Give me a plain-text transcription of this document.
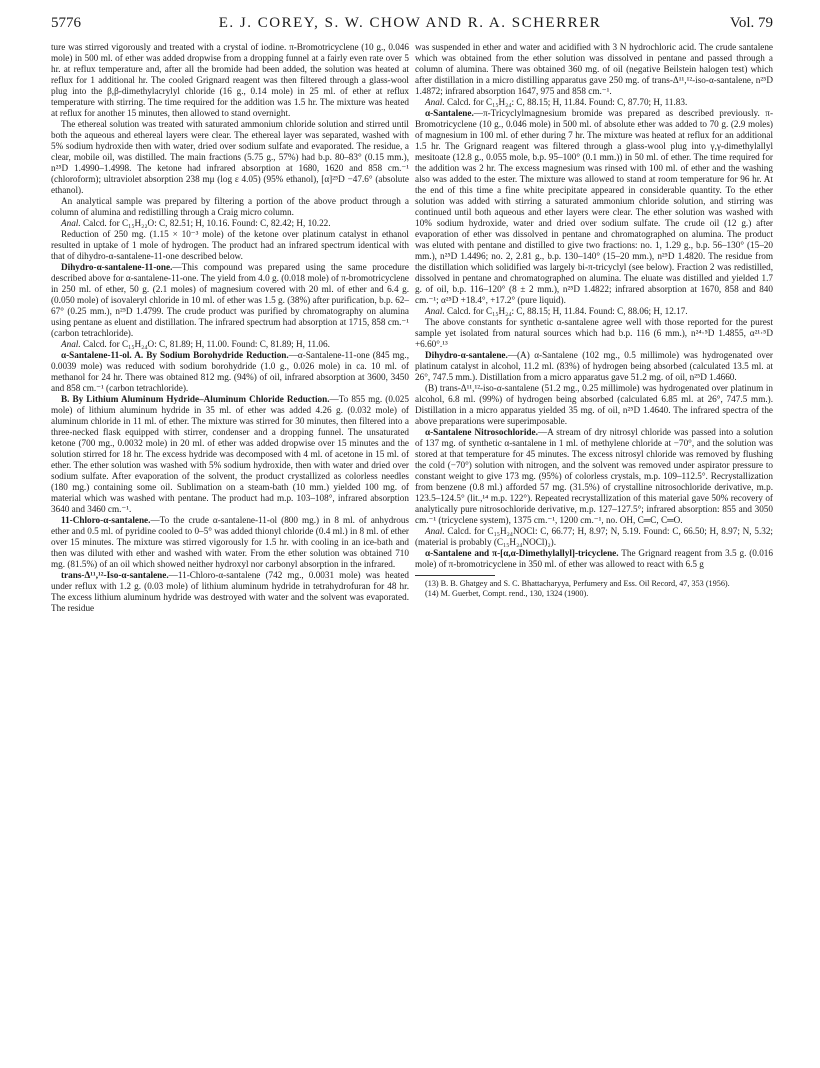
5776	E. J. COREY, S. W. CHOW AND R. A. SCHERRER	Vol. 79

ture was stirred vigorously and treated with a crystal of iodine. π-Bromotricyclene (10 g., 0.046 mole) in 500 ml. of ether was added dropwise from a dropping funnel at a fairly even rate over 5 hr. at reflux temperature and, after all the bromide had been added, the solution was heated at reflux for 1 additional hr. The cooled Grignard reagent was then filtered through a glass-wool plug into the β,β-dimethylacrylyl chloride (16 g., 0.14 mole) in 25 ml. of ether at reflux temperature with stirring. The time required for the addition was 1.5 hr. The mixture was heated at reflux for another 15 minutes, then allowed to stand overnight.

The ethereal solution was treated with saturated ammonium chloride solution and stirred until both the aqueous and ethereal layers were clear. The ethereal layer was separated, washed with 5% sodium hydroxide then with water, dried over sodium sulfate and evaporated. The residue, a clear, mobile oil, was distilled. The main fractions (5.75 g., 57%) had b.p. 80–83° (0.15 mm.), n²⁵D 1.4990–1.4998. The ketone had infrared absorption at 1680, 1620 and 858 cm.⁻¹ (chloroform); ultraviolet absorption 238 mμ (log ε 4.05) (95% ethanol), [α]²⁵D −47.6° (absolute ethanol).

An analytical sample was prepared by filtering a portion of the above product through a column of alumina and redistilling through a Craig micro column.

Anal. Calcd. for C₁₅H₂₂O: C, 82.51; H, 10.16. Found: C, 82.42; H, 10.22.

Reduction of 250 mg. (1.15 × 10⁻³ mole) of the ketone over platinum catalyst in ethanol resulted in uptake of 1 mole of hydrogen. The product had an infrared spectrum identical with that of dihydro-α-santalene-11-one described below.

Dihydro-α-santalene-11-one.—This compound was prepared using the same procedure described above for α-santalene-11-one. The yield from 4.0 g. (0.018 mole) of π-bromotricyclene in 250 ml. of ether, 50 g. (2.1 moles) of magnesium covered with 20 ml. of ether and 6.4 g. (0.050 mole) of isovaleryl chloride in 10 ml. of ether was 1.5 g. (38%) after purification, b.p. 62–67° (0.25 mm.), n²⁵D 1.4799. The crude product was purified by chromatography on alumina using pentane as eluent and distillation. The infrared spectrum had absorption at 1715, 858 cm.⁻¹ (carbon tetrachloride).

Anal. Calcd. for C₁₅H₂₄O: C, 81.89; H, 11.00. Found: C, 81.89; H, 11.06.

α-Santalene-11-ol. A. By Sodium Borohydride Reduction.—α-Santalene-11-one (845 mg., 0.0039 mole) was reduced with sodium borohydride (1.0 g., 0.026 mole) in ca. 10 ml. of methanol for 24 hr. There was obtained 812 mg. (94%) of oil, infrared absorption at 3600, 3450 and 858 cm.⁻¹ (carbon tetrachloride).

B. By Lithium Aluminum Hydride–Aluminum Chloride Reduction.—To 855 mg. (0.025 mole) of lithium aluminum hydride in 35 ml. of ether was added 4.26 g. (0.032 mole) of aluminum chloride in 11 ml. of ether. The mixture was stirred for 30 minutes, then filtered into a three-necked flask equipped with stirrer, condenser and a dropping funnel. The unsaturated ketone (700 mg., 0.0032 mole) in 20 ml. of ether was added dropwise over 15 minutes and the solution stirred for 18 hr. The excess hydride was decomposed with 4 ml. of acetone in 15 ml. of ether. The ether solution was washed with 5% sodium hydroxide, then with water and dried over sodium sulfate. After evaporation of the solvent, the product crystallized as colorless needles (180 mg.) containing some oil. Sublimation on a steam-bath (10 mm.) yielded 100 mg. of material which was washed with pentane. The product had m.p. 103–108°, infrared absorption 3640 and 3460 cm.⁻¹.

11-Chloro-α-santalene.—To the crude α-santalene-11-ol (800 mg.) in 8 ml. of anhydrous ether and 0.5 ml. of pyridine cooled to 0–5° was added thionyl chloride (0.4 ml.) in 8 ml. of ether over 15 minutes. The mixture was stirred vigorously for 1.5 hr. with cooling in an ice-bath and then was diluted with ether and washed with water. From the ether solution was obtained 710 mg. (81.5%) of an oil which showed neither hydroxyl nor carbonyl absorption in the infrared.

trans-Δ¹¹,¹²-Iso-α-santalene.—11-Chloro-α-santalene (742 mg., 0.0031 mole) was heated under reflux with 1.2 g. (0.03 mole) of lithium aluminum hydride in tetrahydrofuran for 48 hr. The excess lithium aluminum hydride was destroyed with water and the solvent was evaporated. The residue

was suspended in ether and water and acidified with 3 N hydrochloric acid. The crude santalene which was obtained from the ether solution was dissolved in pentane and passed through a column of alumina. There was obtained 360 mg. of oil (negative Beilstein halogen test) which after distillation in a micro distilling apparatus gave 250 mg. of trans-Δ¹¹,¹²-iso-α-santalene, n²⁵D 1.4872; infrared absorption 1647, 975 and 858 cm.⁻¹.

Anal. Calcd. for C₁₅H₂₄: C, 88.15; H, 11.84. Found: C, 87.70; H, 11.83.

α-Santalene.—π-Tricyclylmagnesium bromide was prepared as described previously. π-Bromotricyclene (10 g., 0.046 mole) in 500 ml. of absolute ether was added to 70 g. (2.9 moles) of magnesium in 100 ml. of ether during 7 hr. The mixture was heated at reflux for an additional 1.5 hr. The Grignard reagent was filtered through a glass-wool plug into γ,γ-dimethylallyl mesitoate (12.8 g., 0.055 mole, b.p. 95–100° (0.1 mm.)) in 50 ml. of ether. The time required for the addition was 2 hr. The excess magnesium was rinsed with 100 ml. of ether and the washing also was added to the ester. The mixture was allowed to stand at room temperature for 96 hr. At the end of this time a fine white precipitate appeared in considerable quantity. To the ether solution was added with stirring a saturated ammonium chloride solution, and stirring was continued until both aqueous and ether layers were clear. The ether solution was washed with 10% sodium hydroxide, water and dried over sodium sulfate. The crude oil (12 g.) after evaporation of ether was dissolved in pentane and chromatographed on alumina. The product was eluted with pentane and distilled to give two fractions: no. 1, 1.29 g., b.p. 56–130° (15–20 mm.), n²⁵D 1.4496; no. 2, 2.81 g., b.p. 130–140° (15–20 mm.), n²⁵D 1.4820. The residue from the distillation which solidified was largely bi-π-tricyclyl (see below). Fraction 2 was redistilled, dissolved in pentane and chromatographed on alumina. The eluate was distilled and yielded 1.7 g. of oil, b.p. 116–120° (8 ± 2 mm.), n²⁵D 1.4822; infrared absorption at 1670, 858 and 840 cm.⁻¹; α²⁵D +18.4°, +17.2° (pure liquid).

Anal. Calcd. for C₁₅H₂₄: C, 88.15; H, 11.84. Found: C, 88.06; H, 12.17.

The above constants for synthetic α-santalene agree well with those reported for the purest sample yet isolated from natural sources which had b.p. 116 (6 mm.), n²⁴·⁵D 1.4855, α²¹·⁵D +6.60°.¹³

Dihydro-α-santalene.—(A) α-Santalene (102 mg., 0.5 millimole) was hydrogenated over platinum catalyst in alcohol, 11.2 ml. (83%) of hydrogen being absorbed (calculated 13.5 ml. at 26°, 747.5 mm.). Distillation from a micro apparatus gave 51.2 mg. of oil, n²⁵D 1.4660.

(B) trans-Δ¹¹,¹²-iso-α-santalene (51.2 mg., 0.25 millimole) was hydrogenated over platinum in alcohol, 6.8 ml. (99%) of hydrogen being absorbed (calculated 6.85 ml. at 26°, 747.5 mm.). Distillation in a micro apparatus yielded 35 mg. of oil, n²⁵D 1.4640. The infrared spectra of the above preparations were superimposable.

α-Santalene Nitrosochloride.—A stream of dry nitrosyl chloride was passed into a solution of 137 mg. of synthetic α-santalene in 1 ml. of methylene chloride at −70°, and the solution was stored at that temperature for 45 minutes. The excess nitrosyl chloride was removed by flushing the cold (−70°) solution with nitrogen, and the solvent was removed under aspirator pressure to constant weight to give 173 mg. (95%) of colorless crystals, m.p. 109–112.5°. Recrystallization from benzene (0.8 ml.) afforded 57 mg. (31.5%) of crystalline nitrosochloride derivative, m.p. 123.5–124.5° (lit.,¹⁴ m.p. 122°). Repeated recrystallization of this material gave 50% recovery of analytically pure nitrosochloride derivative, m.p. 127–127.5°; infrared absorption: 855 and 3050 cm.⁻¹ (tricyclene system), 1375 cm.⁻¹, 1200 cm.⁻¹, no. OH, C═C, C═O.

Anal. Calcd. for C₁₅H₂₄NOCl: C, 66.77; H, 8.97; N, 5.19. Found: C, 66.50; H, 8.97; N, 5.32; (material is probably (C₁₅H₂₄NOCl)₂).

α-Santalene and π-[α,α-Dimethylallyl]-tricyclene. The Grignard reagent from 3.5 g. (0.016 mole) of π-bromotricyclene in 350 ml. of ether was allowed to react with 6.5 g

(13) B. B. Ghatgey and S. C. Bhattacharyya, Perfumery and Ess. Oil Record, 47, 353 (1956).

(14) M. Guerbet, Compt. rend., 130, 1324 (1900).
